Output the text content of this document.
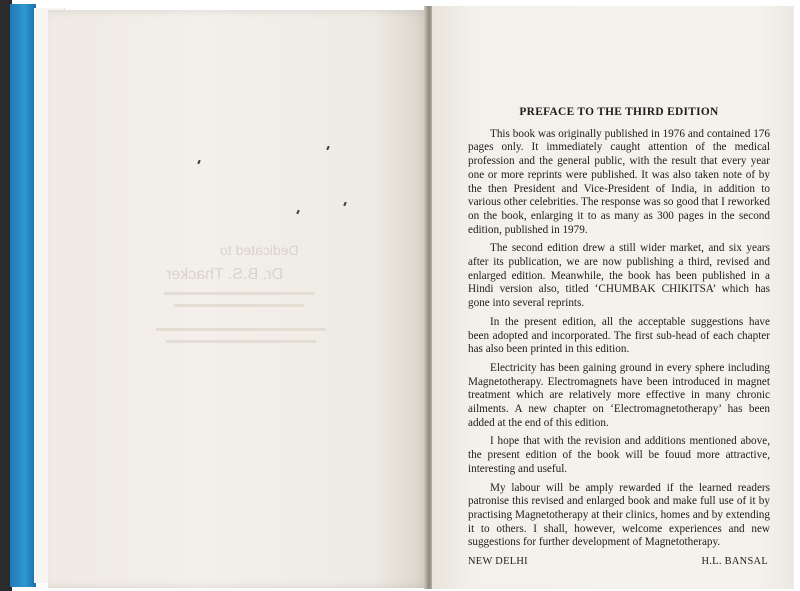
Dedicated to
Dr. B.S. Thacker

PREFACE TO THE THIRD EDITION

This book was originally published in 1976 and contained 176 pages only. It immediately caught attention of the medical profession and the general public, with the result that every year one or more reprints were published. It was also taken note of by the then President and Vice-President of India, in addition to various other celebrities. The response was so good that I reworked on the book, enlarging it to as many as 300 pages in the second edition, published in 1979.

The second edition drew a still wider market, and six years after its publication, we are now publishing a third, revised and enlarged edition. Meanwhile, the book has been published in a Hindi version also, titled ‘CHUMBAK CHIKITSA’ which has gone into several reprints.

In the present edition, all the acceptable suggestions have been adopted and incorporated. The first sub-head of each chapter has also been printed in this edition.

Electricity has been gaining ground in every sphere including Magnetotherapy. Electromagnets have been introduced in magnet treatment which are relatively more effective in many chronic ailments. A new chapter on ‘Electromagnetotherapy’ has been added at the end of this edition.

I hope that with the revision and additions mentioned above, the present edition of the book will be fouud more attractive, interesting and useful.

My labour will be amply rewarded if the learned readers patronise this revised and enlarged book and make full use of it by practising Magnetotherapy at their clinics, homes and by extending it to others. I shall, however, welcome experiences and new suggestions for further development of Magnetotherapy.

NEW DELHI	H.L. BANSAL
